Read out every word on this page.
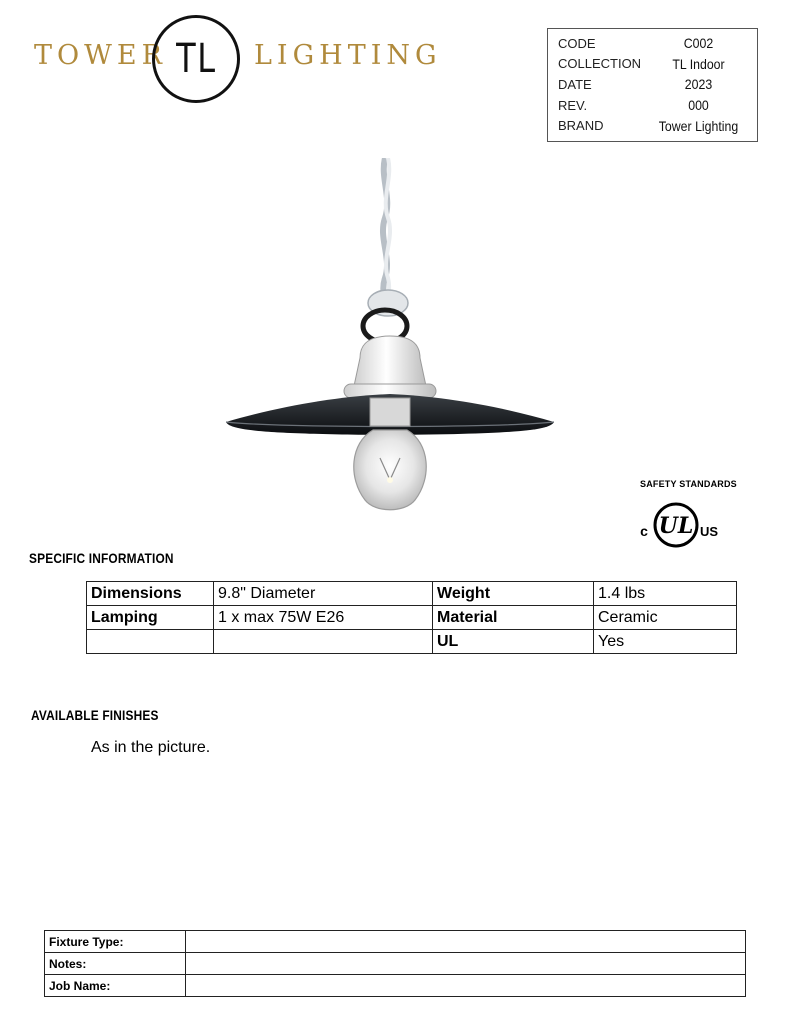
TOWER TL LIGHTING	CODE	C002
COLLECTION	TL Indoor
DATE	2023
REV.	000
BRAND	Tower Lighting
SAFETY STANDARDS
UL
c	US
SPECIFIC INFORMATION
Dimensions	9.8" Diameter	Weight	1.4 lbs
Lamping	1 x max 75W E26	Material	Ceramic
		UL	Yes
AVAILABLE FINISHES
As in the picture.
Fixture Type:	
Notes:	
Job Name:	
